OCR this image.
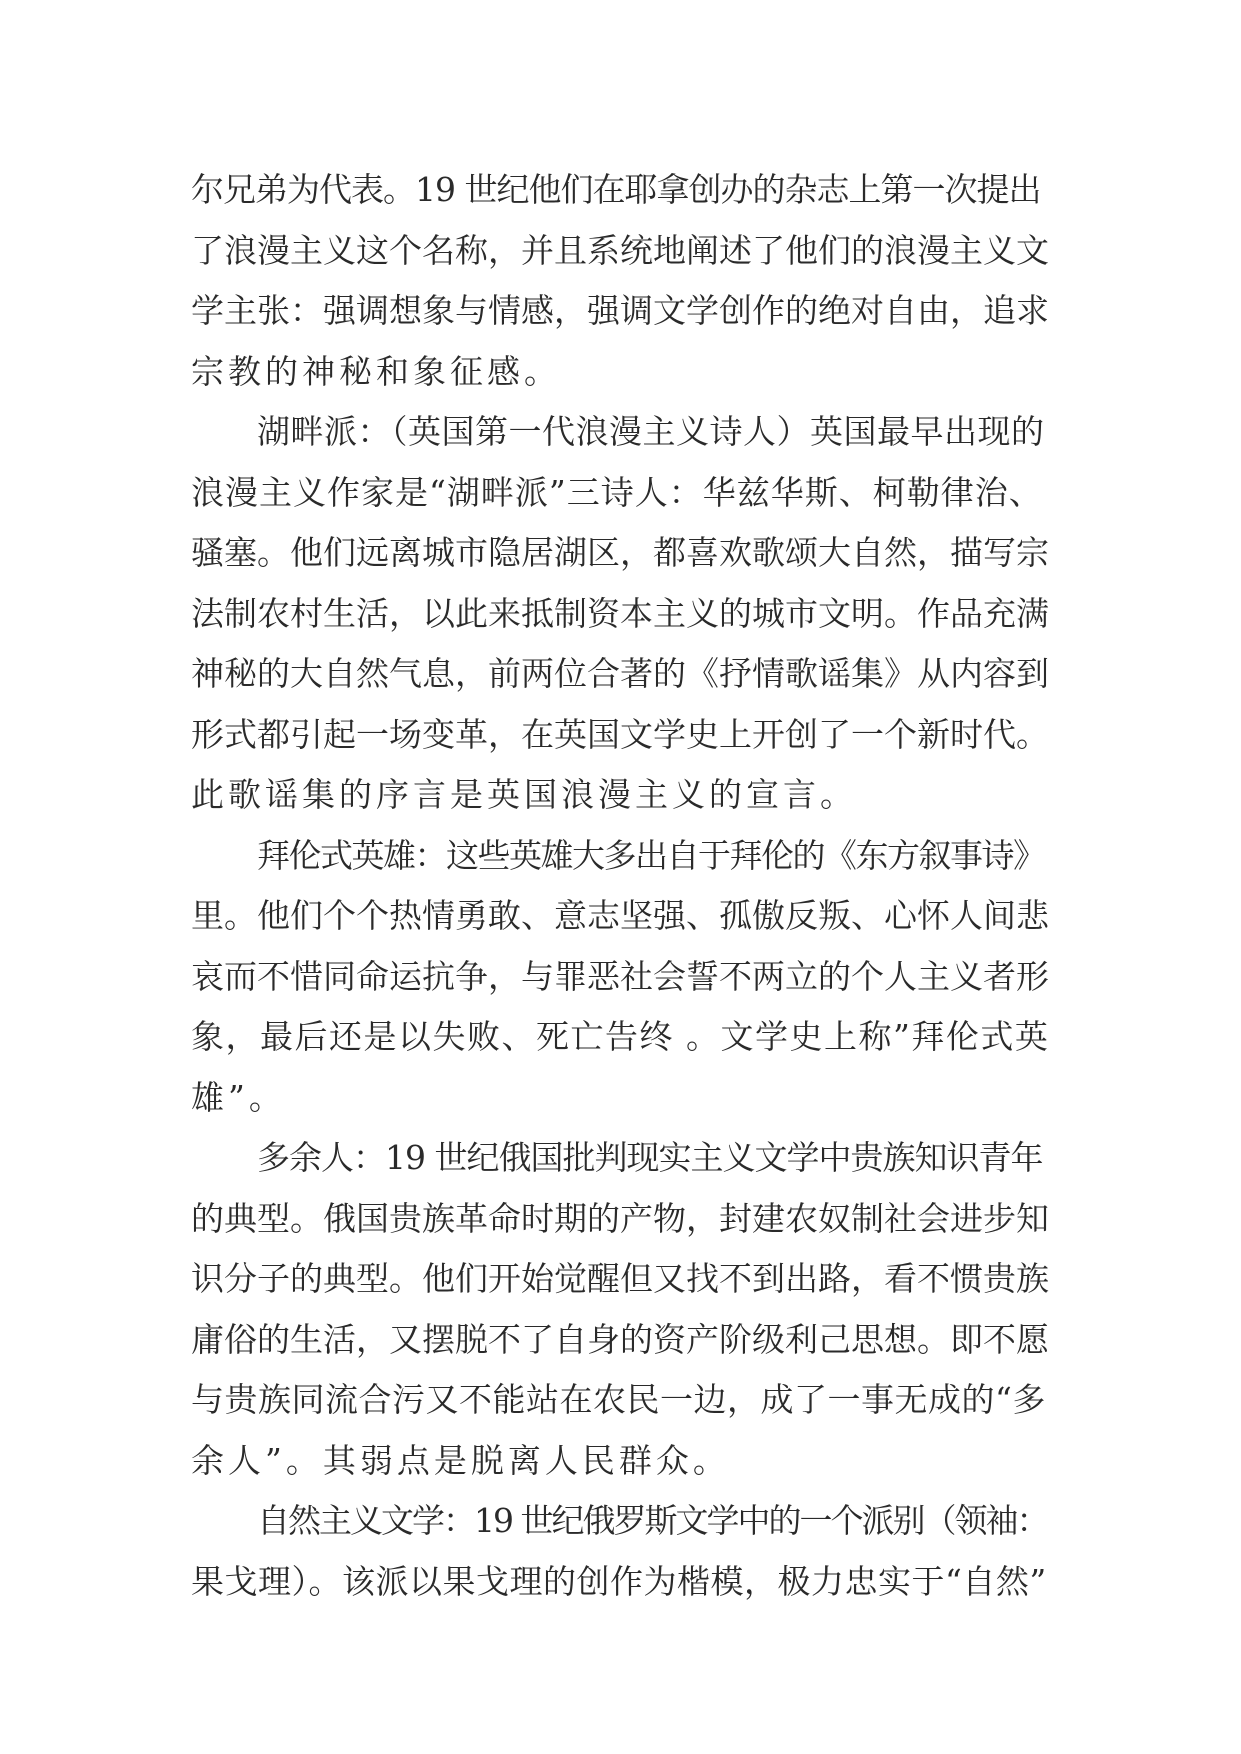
尔兄弟为代表。19 世纪他们在耶拿创办的杂志上第一次提出
了浪漫主义这个名称，并且系统地阐述了他们的浪漫主义文
学主张：强调想象与情感，强调文学创作的绝对自由，追求
宗教的神秘和象征感。
湖畔派：（英国第一代浪漫主义诗人）英国最早出现的
浪漫主义作家是“湖畔派”三诗人：华兹华斯、柯勒律治、
骚塞。他们远离城市隐居湖区，都喜欢歌颂大自然，描写宗
法制农村生活，以此来抵制资本主义的城市文明。作品充满
神秘的大自然气息，前两位合著的《抒情歌谣集》从内容到
形式都引起一场变革，在英国文学史上开创了一个新时代。
此歌谣集的序言是英国浪漫主义的宣言。
拜伦式英雄：这些英雄大多出自于拜伦的《东方叙事诗》
里。他们个个热情勇敢、意志坚强、孤傲反叛、心怀人间悲
哀而不惜同命运抗争，与罪恶社会誓不两立的个人主义者形
象，最后还是以失败、死亡告终 。文学史上称”拜伦式英
雄”。
多余人：19 世纪俄国批判现实主义文学中贵族知识青年
的典型。俄国贵族革命时期的产物，封建农奴制社会进步知
识分子的典型。他们开始觉醒但又找不到出路，看不惯贵族
庸俗的生活，又摆脱不了自身的资产阶级利己思想。即不愿
与贵族同流合污又不能站在农民一边，成了一事无成的“多
余人”。其弱点是脱离人民群众。
自然主义文学：19 世纪俄罗斯文学中的一个派别（领袖：
果戈理）。该派以果戈理的创作为楷模，极力忠实于“自然”
